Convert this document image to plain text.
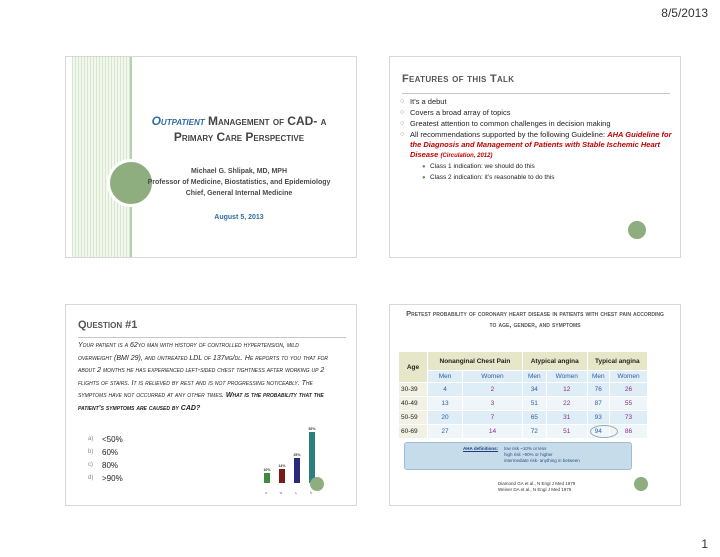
8/5/2013
Outpatient Management of CAD- a Primary Care Perspective
Michael G. Shlipak, MD, MPH
Professor of Medicine, Biostatistics, and Epidemiology
Chief, General Internal Medicine
August 5, 2013
Features of this Talk
○ It’s a debut
○ Covers a broad array of topics
○ Greatest attention to common challenges in decision making
○ All recommendations supported by the following Guideline: AHA Guideline for the Diagnosis and Management of Patients with Stable Ischemic Heart Disease (Circulation, 2012)
● Class 1 indication: we should do this
● Class 2 indication: it’s reasonable to do this
Question #1
Your patient is a 62yo man with history of controlled hypertension, mild overweight (BMI 29), and untreated LDL of 137mg/dl. He reports to you that for about 2 months he has experienced left-sided chest tightness after working up 2 flights of stairs. It is relieved by rest and is not progressing noticeably. The symptoms have not occurred at any other times. What is the probability that the patient’s symptoms are caused by CAD?
a)	<50%
b)	60%
c)	80%
d)	>90%
10%
a
14%
b
25%
c
52%
d
Pretest probability of coronary heart disease in patients with chest pain according to age, gender, and symptoms
Age	Nonanginal Chest Pain		Atypical angina		Typical angina	
	Men	Women	Men	Women	Men	Women
30-39	4	2	34	12	76	26
40-49	13	3	51	22	87	55
50-59	20	7	65	31	93	73
60-69	27	14	72	51	94	86
AHA definitions: low risk ~10% or less
high risk ~90% or higher
intermediate risk- anything in between
Diamond GA et al., N Engl J Med 1979
Weiner DA et al., N Engl J Med 1979
1
